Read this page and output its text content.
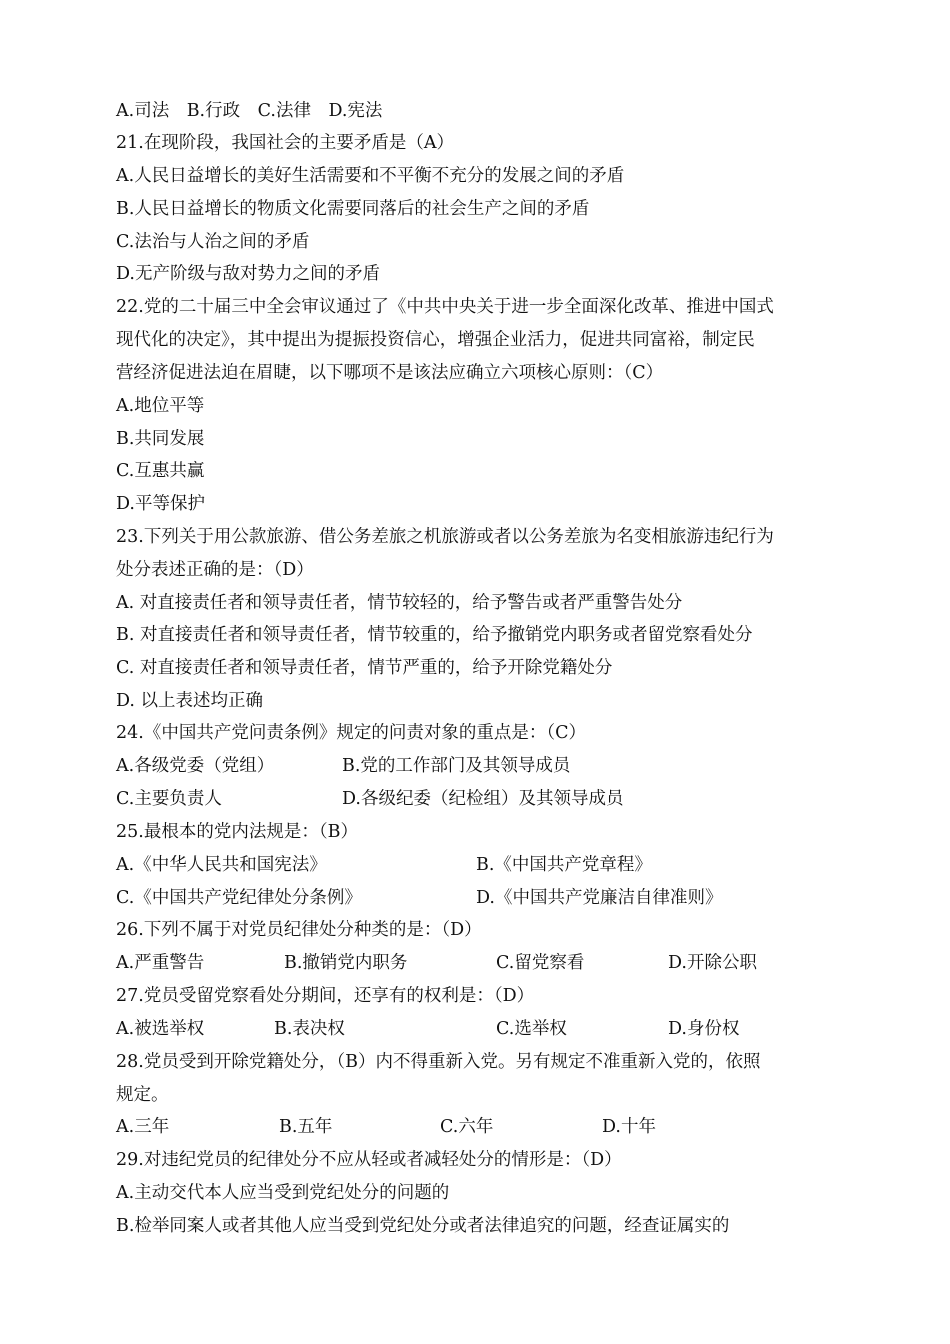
A.司法　B.行政　C.法律　D.宪法
21.在现阶段，我国社会的主要矛盾是（A）
A.人民日益增长的美好生活需要和不平衡不充分的发展之间的矛盾
B.人民日益增长的物质文化需要同落后的社会生产之间的矛盾
C.法治与人治之间的矛盾
D.无产阶级与敌对势力之间的矛盾
22.党的二十届三中全会审议通过了《中共中央关于进一步全面深化改革、推进中国式
现代化的决定》，其中提出为提振投资信心，增强企业活力，促进共同富裕，制定民
营经济促进法迫在眉睫，以下哪项不是该法应确立六项核心原则：（C）
A.地位平等
B.共同发展
C.互惠共赢
D.平等保护
23.下列关于用公款旅游、借公务差旅之机旅游或者以公务差旅为名变相旅游违纪行为
处分表述正确的是：（D）
A. 对直接责任者和领导责任者，情节较轻的，给予警告或者严重警告处分
B. 对直接责任者和领导责任者，情节较重的，给予撤销党内职务或者留党察看处分
C. 对直接责任者和领导责任者，情节严重的，给予开除党籍处分
D. 以上表述均正确
24.《中国共产党问责条例》规定的问责对象的重点是：（C）
A.各级党委（党组）	B.党的工作部门及其领导成员
C.主要负责人	D.各级纪委（纪检组）及其领导成员
25.最根本的党内法规是：（B）
A.《中华人民共和国宪法》	B.《中国共产党章程》
C.《中国共产党纪律处分条例》	D.《中国共产党廉洁自律准则》
26.下列不属于对党员纪律处分种类的是：（D）
A.严重警告	B.撤销党内职务	C.留党察看	D.开除公职
27.党员受留党察看处分期间，还享有的权利是：（D）
A.被选举权	B.表决权	C.选举权	D.身份权
28.党员受到开除党籍处分，（B）内不得重新入党。另有规定不准重新入党的，依照
规定。
A.三年	B.五年	C.六年	D.十年
29.对违纪党员的纪律处分不应从轻或者减轻处分的情形是：（D）
A.主动交代本人应当受到党纪处分的问题的
B.检举同案人或者其他人应当受到党纪处分或者法律追究的问题，经查证属实的
